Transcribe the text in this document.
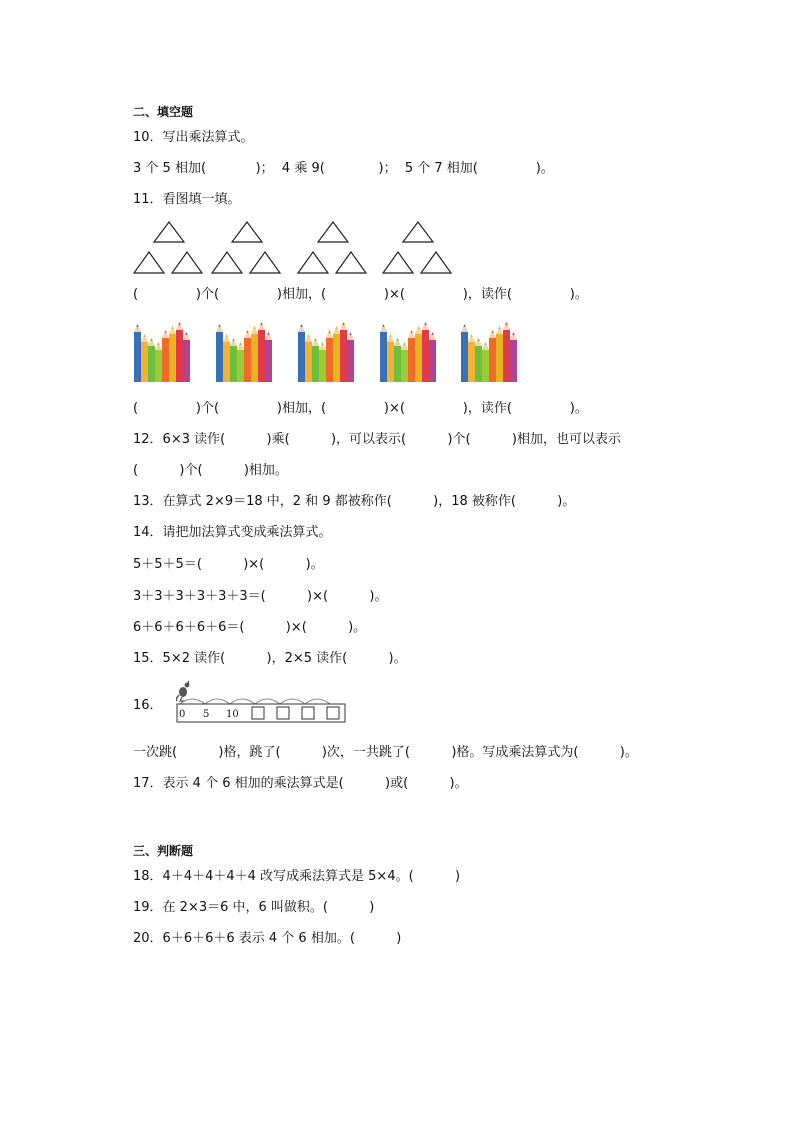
二、填空题
10．写出乘法算式。
3 个 5 相加(            )；  4 乘 9(             )；  5 个 7 相加(              )。
11．看图填一填。
(              )个(              )相加，(              )×(              )，读作(              )。
(              )个(              )相加，(              )×(              )，读作(              )。
12．6×3 读作(          )乘(          )，可以表示(          )个(          )相加，也可以表示
(          )个(          )相加。
13．在算式 2×9＝18 中，2 和 9 都被称作(          )，18 被称作(          )。
14．请把加法算式变成乘法算式。
5＋5＋5＝(          )×(          )。
3＋3＋3＋3＋3＋3＝(          )×(          )。
6＋6＋6＋6＋6＝(          )×(          )。
15．5×2 读作(          )，2×5 读作(          )。
16．
0 5 10
一次跳(          )格，跳了(          )次，一共跳了(          )格。写成乘法算式为(          )。
17．表示 4 个 6 相加的乘法算式是(          )或(          )。
三、判断题
18．4＋4＋4＋4＋4 改写成乘法算式是 5×4。(          )
19．在 2×3＝6 中，6 叫做积。(          )
20．6＋6＋6＋6 表示 4 个 6 相加。(          )
